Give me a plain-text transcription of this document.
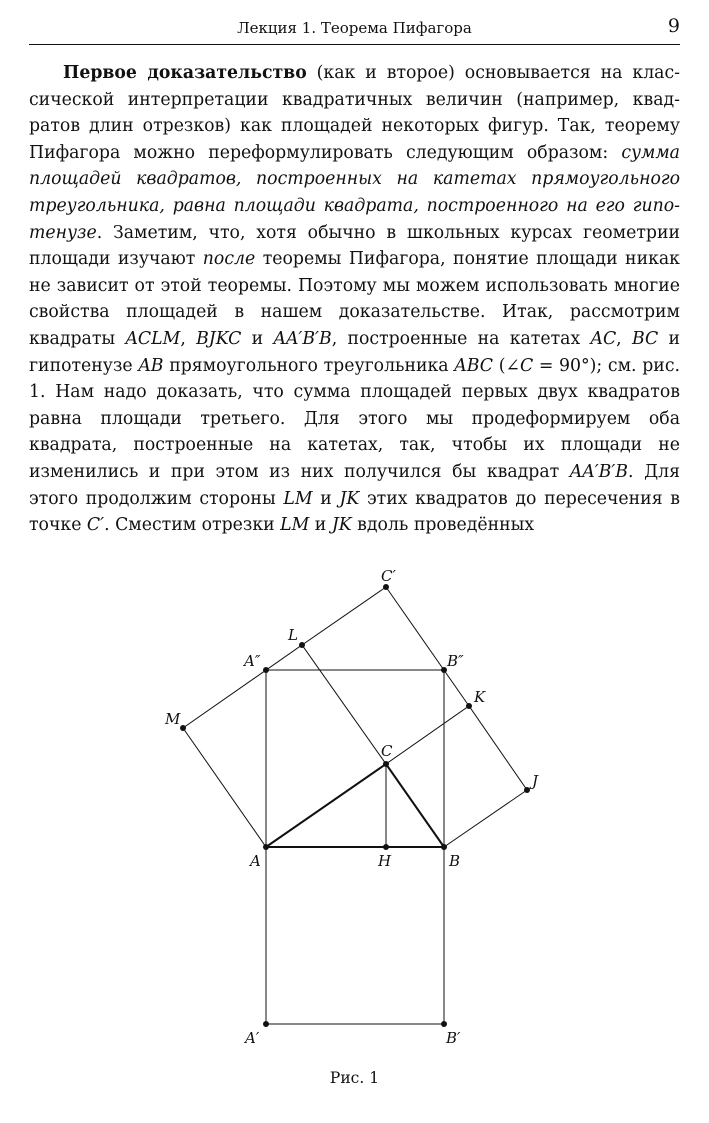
Лекция 1. Теорема Пифагора	9

Первое доказательство (как и второе) основывается на классической интерпретации квадратичных величин (например, квадратов длин отрезков) как площадей некоторых фигур. Так, теорему Пифагора можно переформулировать следующим образом: сумма площадей квадратов, построенных на катетах прямоугольного треугольника, равна площади квадрата, построенного на его гипотенузе. Заметим, что, хотя обычно в школьных курсах геометрии площади изучают после теоремы Пифагора, понятие площади никак не зависит от этой теоремы. Поэтому мы можем использовать многие свойства площадей в нашем доказательстве. Итак, рассмотрим квадраты ACLM, BJKC и AA′B′B, построенные на катетах AC, BC и гипотенузе AB прямоугольного треугольника ABC (∠C = 90°); см. рис. 1. Нам надо доказать, что сумма площадей первых двух квадратов равна площади третьего. Для этого мы продеформируем оба квадрата, построенные на катетах, так, чтобы их площади не изменились и при этом из них получился бы квадрат AA′B′B. Для этого продолжим стороны LM и JK этих квадратов до пересечения в точке C′. Сместим отрезки LM и JK вдоль проведённых

C′
L
A″	B″
K
M
C
J
A	H	B
A′	B′
Рис. 1
